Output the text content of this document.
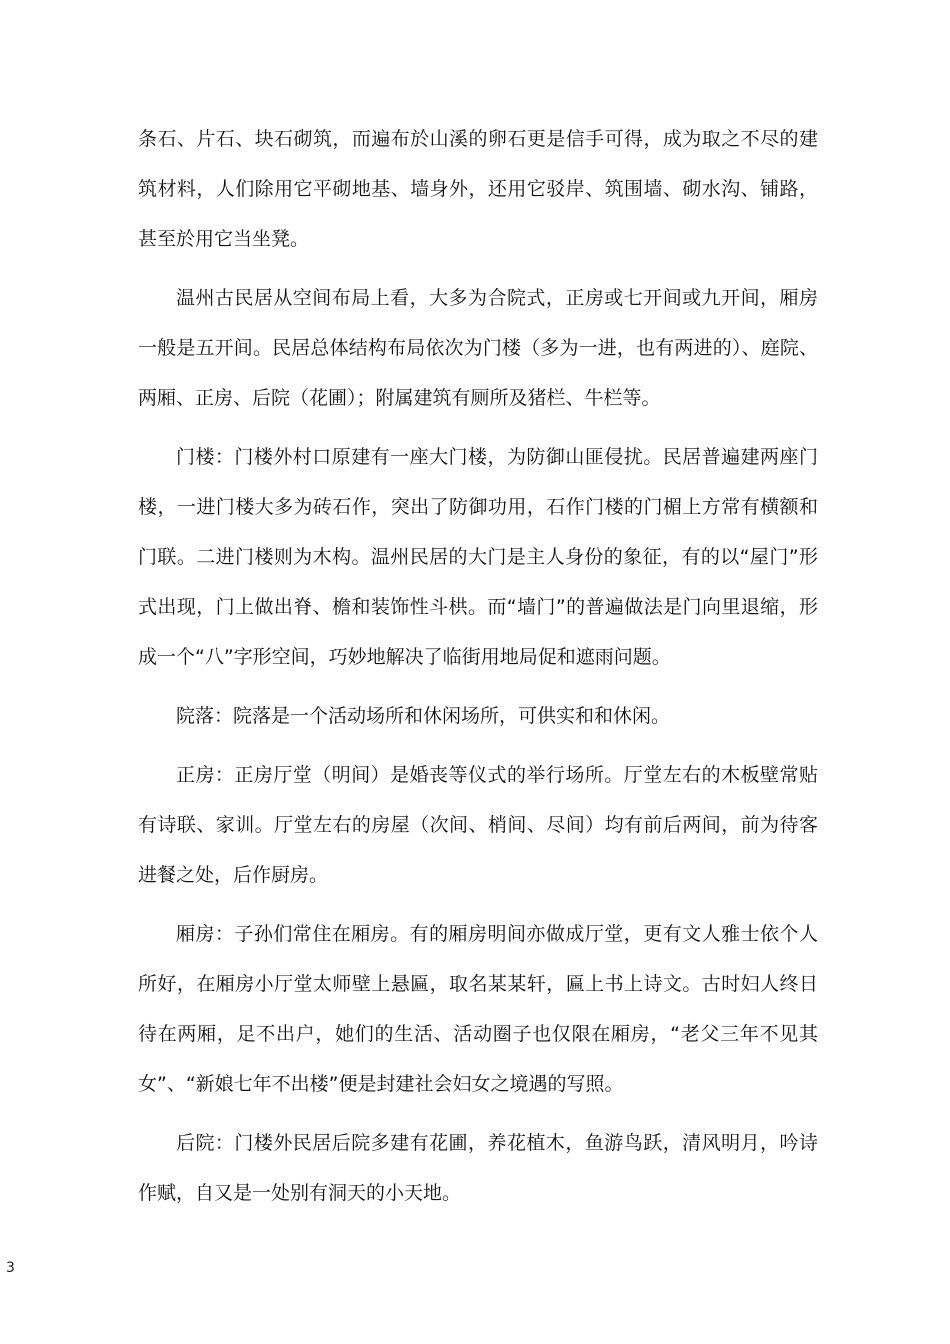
条石、片石、块石砌筑，而遍布於山溪的卵石更是信手可得，成为取之不尽的建筑材料，人们除用它平砌地基、墙身外，还用它驳岸、筑围墙、砌水沟、铺路，甚至於用它当坐凳。

温州古民居从空间布局上看，大多为合院式，正房或七开间或九开间，厢房一般是五开间。民居总体结构布局依次为门楼（多为一进，也有两进的）、庭院、两厢、正房、后院（花圃）；附属建筑有厕所及猪栏、牛栏等。

门楼：门楼外村口原建有一座大门楼，为防御山匪侵扰。民居普遍建两座门楼，一进门楼大多为砖石作，突出了防御功用，石作门楼的门楣上方常有横额和门联。二进门楼则为木构。温州民居的大门是主人身份的象征，有的以“屋门”形式出现，门上做出脊、檐和装饰性斗栱。而“墙门”的普遍做法是门向里退缩，形成一个“八”字形空间，巧妙地解决了临街用地局促和遮雨问题。

院落：院落是一个活动场所和休闲场所，可供实和和休闲。

正房：正房厅堂（明间）是婚丧等仪式的举行场所。厅堂左右的木板壁常贴有诗联、家训。厅堂左右的房屋（次间、梢间、尽间）均有前后两间，前为待客进餐之处，后作厨房。

厢房：子孙们常住在厢房。有的厢房明间亦做成厅堂，更有文人雅士依个人所好，在厢房小厅堂太师壁上悬匾，取名某某轩，匾上书上诗文。古时妇人终日待在两厢，足不出户，她们的生活、活动圈子也仅限在厢房，“老父三年不见其女”、“新娘七年不出楼”便是封建社会妇女之境遇的写照。

后院：门楼外民居后院多建有花圃，养花植木，鱼游鸟跃，清风明月，吟诗作赋，自又是一处别有洞天的小天地。

3
